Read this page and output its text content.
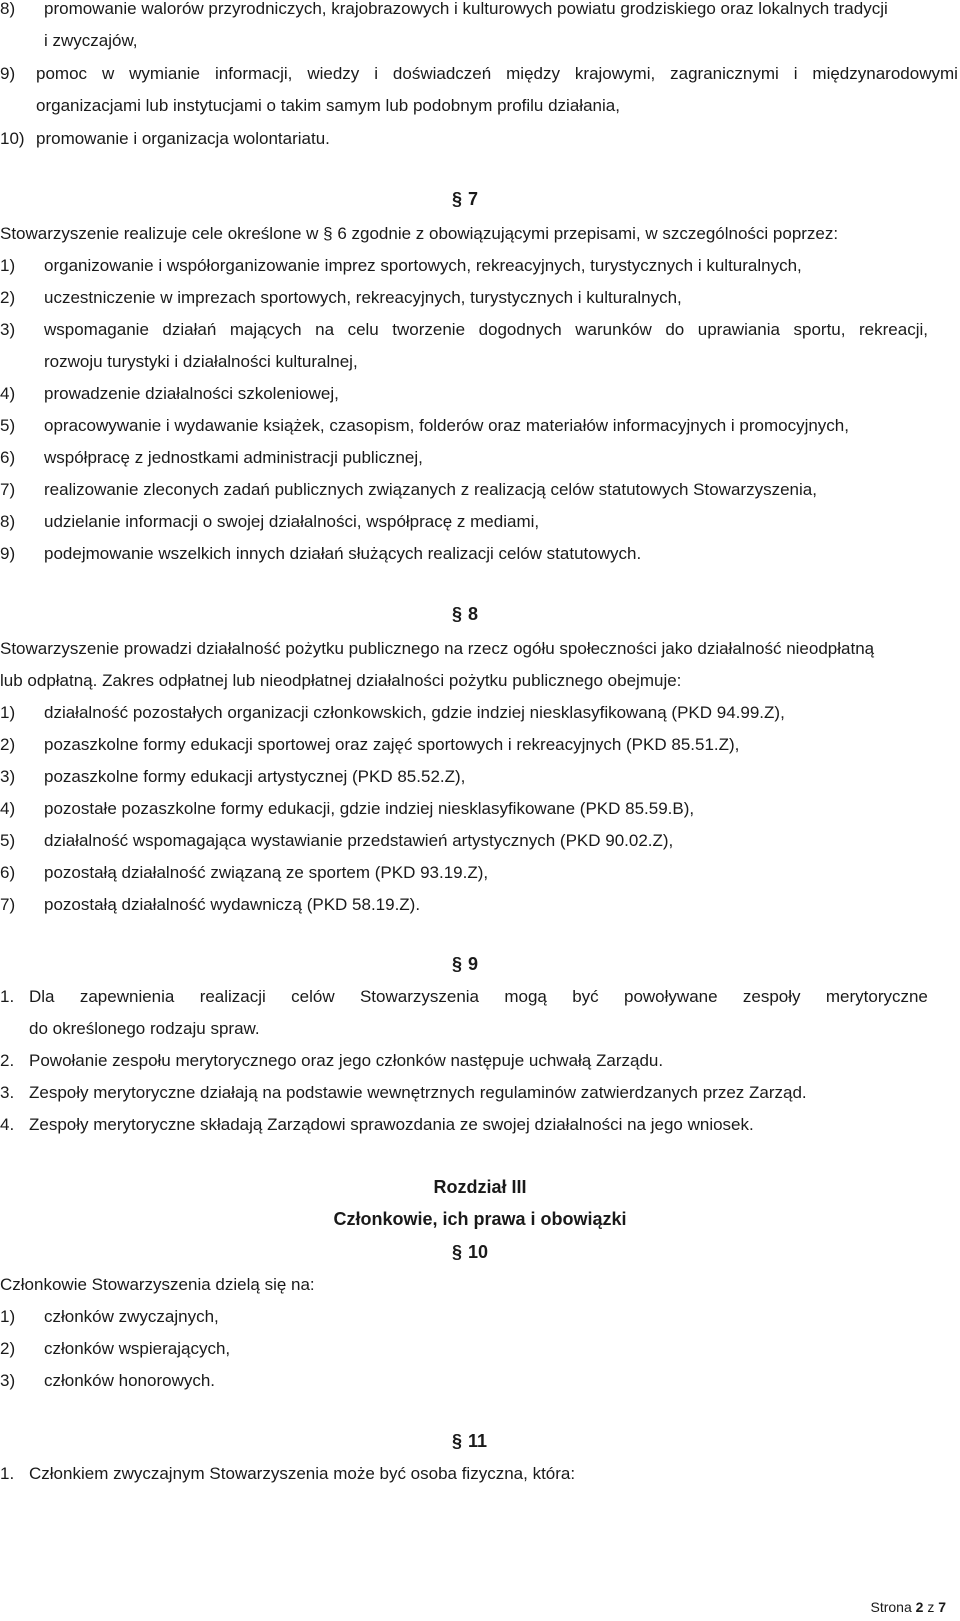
8) promowanie walorów przyrodniczych, krajobrazowych i kulturowych powiatu grodziskiego oraz lokalnych tradycji
i zwyczajów,
9) pomoc w wymianie informacji, wiedzy i doświadczeń między krajowymi, zagranicznymi i międzynarodowymi
organizacjami lub instytucjami o takim samym lub podobnym profilu działania,
10) promowanie i organizacja wolontariatu.
§ 7
Stowarzyszenie realizuje cele określone w § 6 zgodnie z obowiązującymi przepisami, w szczególności poprzez:
1) organizowanie i współorganizowanie imprez sportowych, rekreacyjnych, turystycznych i kulturalnych,
2) uczestniczenie w imprezach sportowych, rekreacyjnych, turystycznych i kulturalnych,
3) wspomaganie działań mających na celu tworzenie dogodnych warunków do uprawiania sportu, rekreacji,
rozwoju turystyki i działalności kulturalnej,
4) prowadzenie działalności szkoleniowej,
5) opracowywanie i wydawanie książek, czasopism, folderów oraz materiałów informacyjnych i promocyjnych,
6) współpracę z jednostkami administracji publicznej,
7) realizowanie zleconych zadań publicznych związanych z realizacją celów statutowych Stowarzyszenia,
8) udzielanie informacji o swojej działalności, współpracę z mediami,
9) podejmowanie wszelkich innych działań służących realizacji celów statutowych.
§ 8
Stowarzyszenie prowadzi działalność pożytku publicznego na rzecz ogółu społeczności jako działalność nieodpłatną
lub odpłatną. Zakres odpłatnej lub nieodpłatnej działalności pożytku publicznego obejmuje:
1) działalność pozostałych organizacji członkowskich, gdzie indziej niesklasyfikowaną (PKD 94.99.Z),
2) pozaszkolne formy edukacji sportowej oraz zajęć sportowych i rekreacyjnych (PKD 85.51.Z),
3) pozaszkolne formy edukacji artystycznej (PKD 85.52.Z),
4) pozostałe pozaszkolne formy edukacji, gdzie indziej niesklasyfikowane (PKD 85.59.B),
5) działalność wspomagająca wystawianie przedstawień artystycznych (PKD 90.02.Z),
6) pozostałą działalność związaną ze sportem (PKD 93.19.Z),
7) pozostałą działalność wydawniczą (PKD 58.19.Z).
§ 9
1. Dla zapewnienia realizacji celów Stowarzyszenia mogą być powoływane zespoły merytoryczne
do określonego rodzaju spraw.
2. Powołanie zespołu merytorycznego oraz jego członków następuje uchwałą Zarządu.
3. Zespoły merytoryczne działają na podstawie wewnętrznych regulaminów zatwierdzanych przez Zarząd.
4. Zespoły merytoryczne składają Zarządowi sprawozdania ze swojej działalności na jego wniosek.
Rozdział III
Członkowie, ich prawa i obowiązki
§ 10
Członkowie Stowarzyszenia dzielą się na:
1) członków zwyczajnych,
2) członków wspierających,
3) członków honorowych.
§ 11
1. Członkiem zwyczajnym Stowarzyszenia może być osoba fizyczna, która:
Strona 2 z 7
